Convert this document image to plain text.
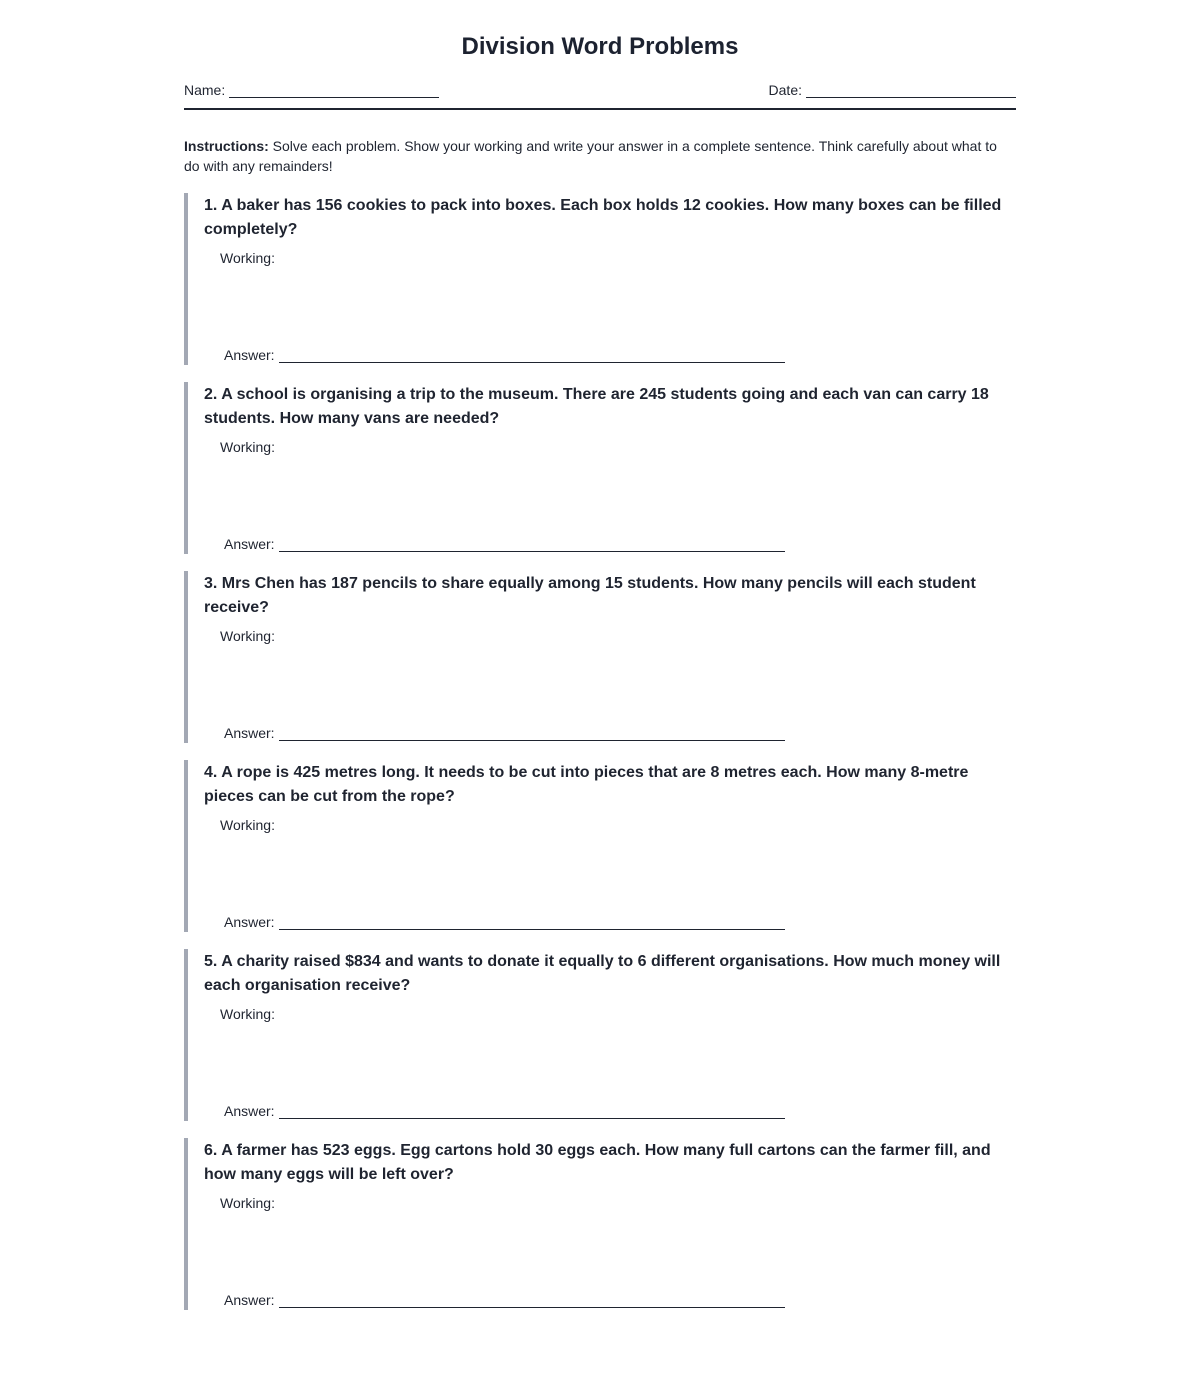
Division Word Problems
Name:	Date:
Instructions: Solve each problem. Show your working and write your answer in a complete sentence. Think carefully about what to do with any remainders!

1. A baker has 156 cookies to pack into boxes. Each box holds 12 cookies. How many boxes can be filled completely?

Working:
Answer:

2. A school is organising a trip to the museum. There are 245 students going and each van can carry 18 students. How many vans are needed?

Working:
Answer:

3. Mrs Chen has 187 pencils to share equally among 15 students. How many pencils will each student receive?

Working:
Answer:

4. A rope is 425 metres long. It needs to be cut into pieces that are 8 metres each. How many 8-metre pieces can be cut from the rope?

Working:
Answer:

5. A charity raised $834 and wants to donate it equally to 6 different organisations. How much money will each organisation receive?

Working:
Answer:

6. A farmer has 523 eggs. Egg cartons hold 30 eggs each. How many full cartons can the farmer fill, and how many eggs will be left over?

Working:
Answer:
